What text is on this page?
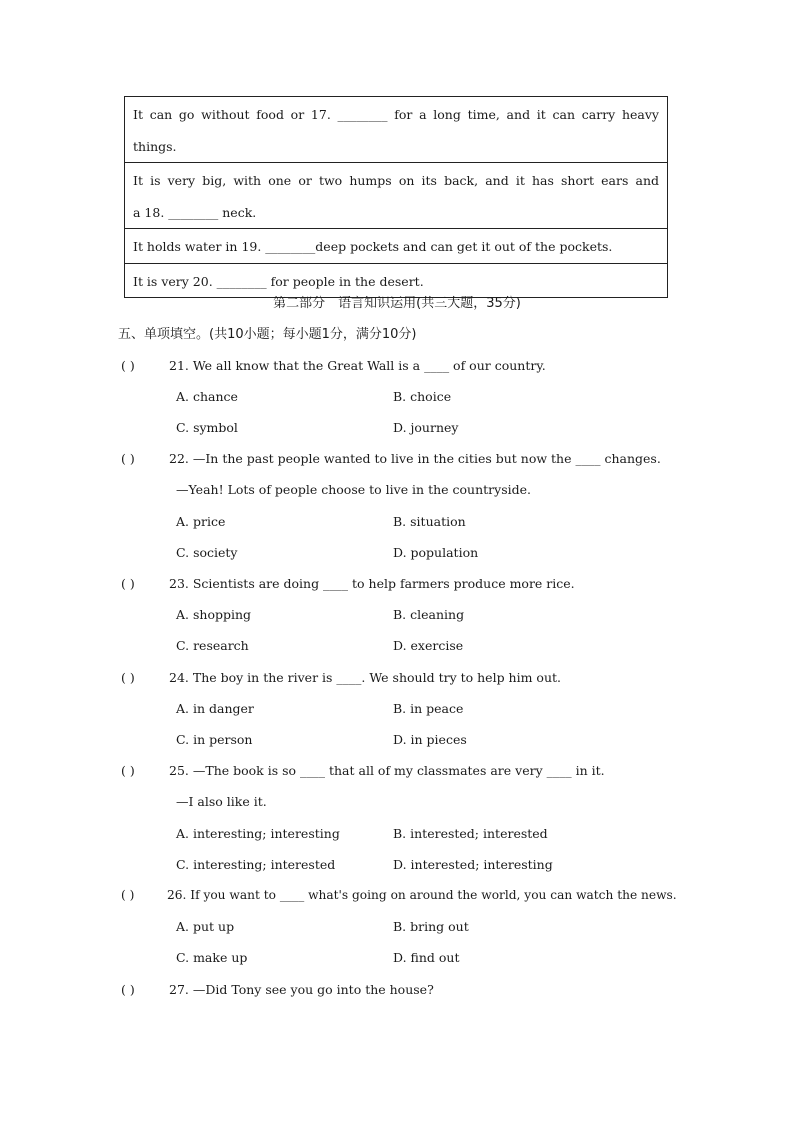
It can go without food or 17. ________ for a long time, and it can carry heavy
things.
It is very big, with one or two humps on its back, and it has short ears and
a 18. ________ neck.
It holds water in 19. ________deep pockets and can get it out of the pockets.
It is very 20. ________ for people in the desert.
第二部分　语言知识运用(共三大题，35分)
五、单项填空。(共10小题；每小题1分，满分10分)
( )	21. We all know that the Great Wall is a ____ of our country.
A. chance	B. choice
C. symbol	D. journey
( )	22. —In the past people wanted to live in the cities but now the ____ changes.
—Yeah! Lots of people choose to live in the countryside.
A. price	B. situation
C. society	D. population
( )	23. Scientists are doing ____ to help farmers produce more rice.
A. shopping	B. cleaning
C. research	D. exercise
( )	24. The boy in the river is ____. We should try to help him out.
A. in danger	B. in peace
C. in person	D. in pieces
( )	25. —The book is so ____ that all of my classmates are very ____ in it.
—I also like it.
A. interesting; interesting	B. interested; interested
C. interesting; interested	D. interested; interesting
( )	26. If you want to ____ what's going on around the world, you can watch the news.
A. put up	B. bring out
C. make up	D. find out
( )	27. —Did Tony see you go into the house?
